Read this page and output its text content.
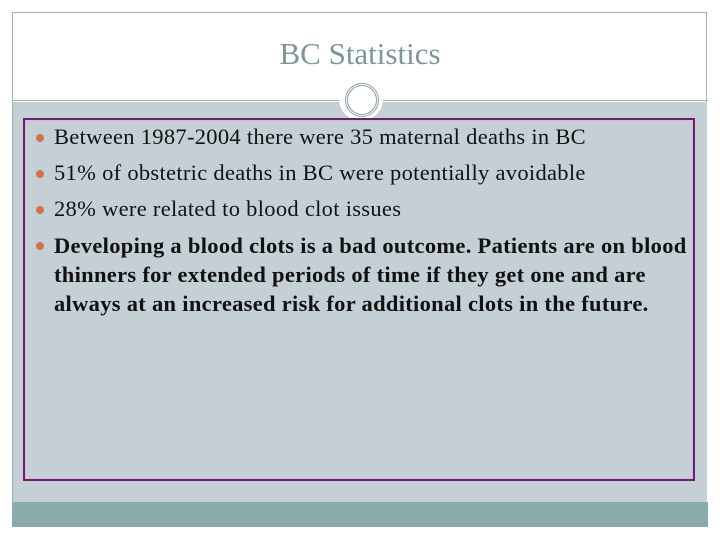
BC Statistics
Between 1987-2004 there were 35 maternal deaths in BC
51% of obstetric deaths in BC were potentially avoidable
28% were related to blood clot issues
Developing a blood clots is a bad outcome. Patients are on blood thinners for extended periods of time if they get one and are always at an increased risk for additional clots in the future.
